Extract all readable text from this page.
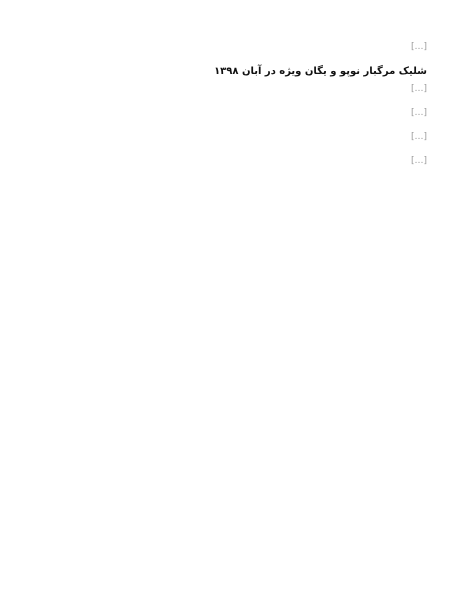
[…]

شلیک مرگبار نوپو و یگان ویژه در آبان ۱۳۹۸

[…]

[…]

[…]

[…]
